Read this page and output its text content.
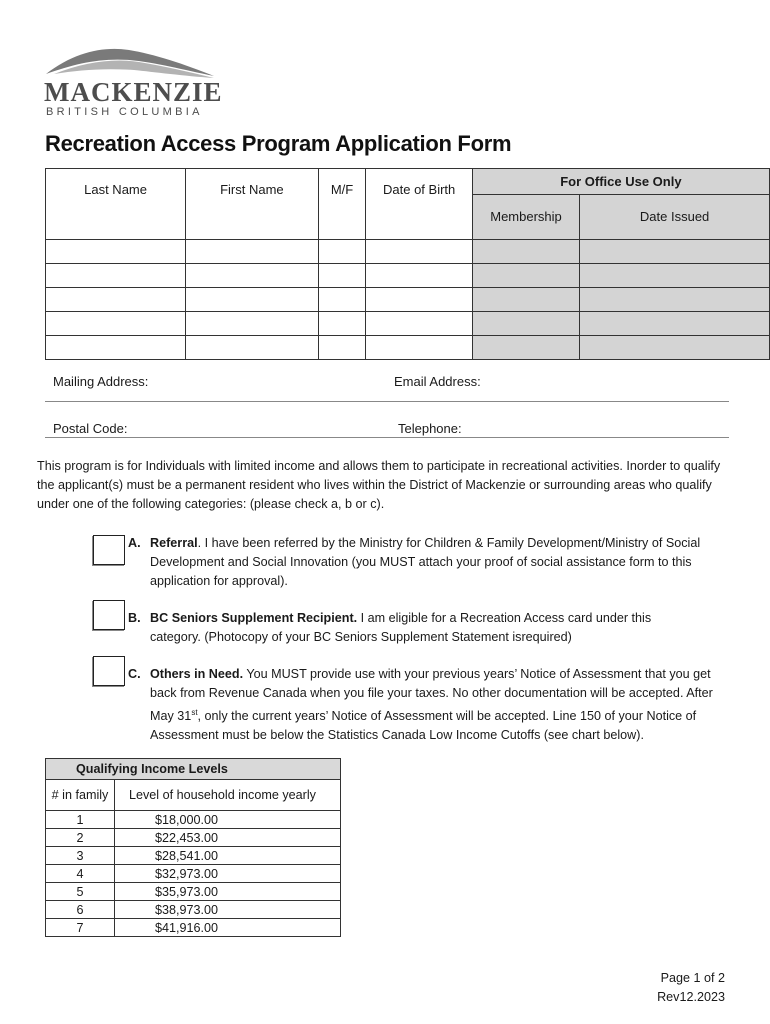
MACKENZIE
BRITISH COLUMBIA
Recreation Access Program Application Form
Last Name	First Name	M/F	Date of Birth	For Office Use Only	
				Membership	Date Issued

Mailing Address:	Email Address:
Postal Code:	Telephone:
This program is for Individuals with limited income and allows them to participate in recreational activities. Inorder to qualify the applicant(s) must be a permanent resident who lives within the District of Mackenzie or surrounding areas who qualify under one of the following categories: (please check a, b or c).
A. Referral. I have been referred by the Ministry for Children & Family Development/Ministry of Social Development and Social Innovation (you MUST attach your proof of social assistance form to this application for approval).
B. BC Seniors Supplement Recipient. I am eligible for a Recreation Access card under this category. (Photocopy of your BC Seniors Supplement Statement isrequired)
C. Others in Need. You MUST provide use with your previous years’ Notice of Assessment that you get back from Revenue Canada when you file your taxes. No other documentation will be accepted. After May 31st, only the current years’ Notice of Assessment will be accepted. Line 150 of your Notice of Assessment must be below the Statistics Canada Low Income Cutoffs (see chart below).
Qualifying Income Levels	
# in family	Level of household income yearly
1	$18,000.00
2	$22,453.00
3	$28,541.00
4	$32,973.00
5	$35,973.00
6	$38,973.00
7	$41,916.00
Page 1 of 2
Rev12.2023
